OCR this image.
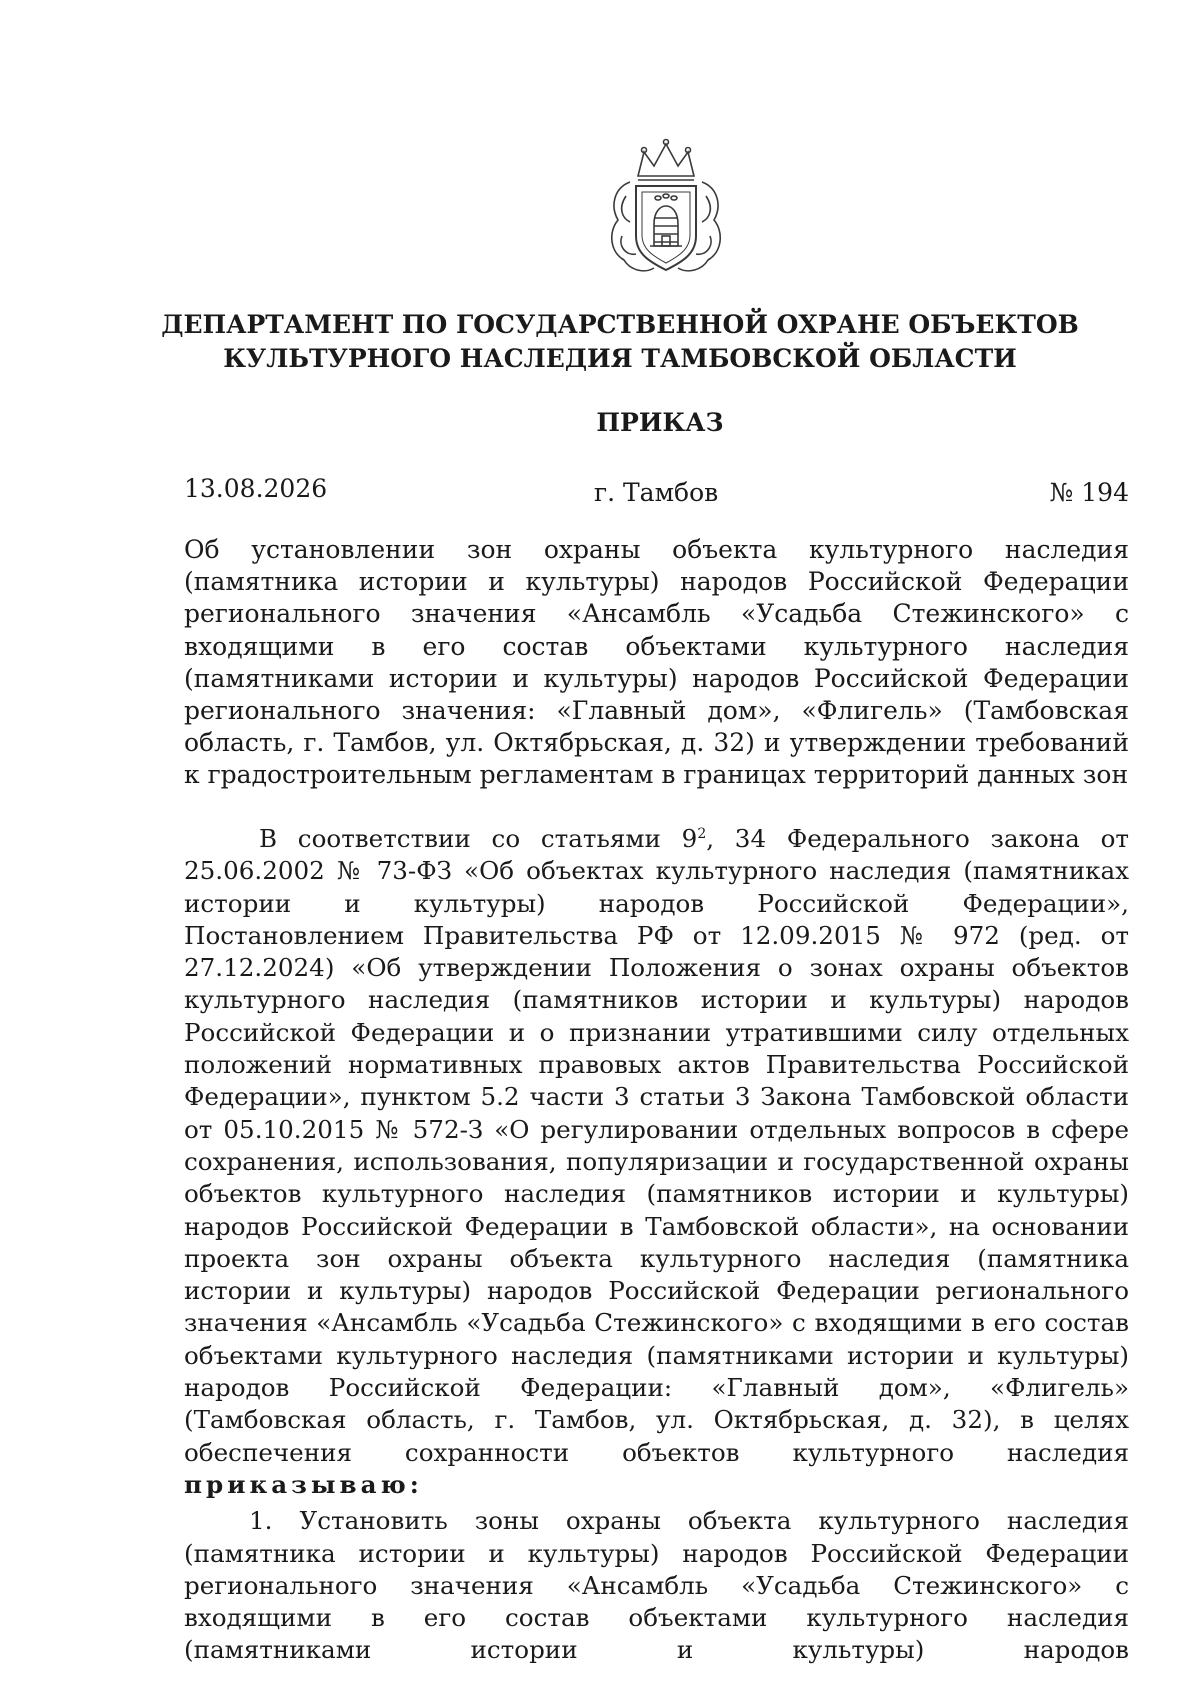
ДЕПАРТАМЕНТ ПО ГОСУДАРСТВЕННОЙ ОХРАНЕ ОБЪЕКТОВ
КУЛЬТУРНОГО НАСЛЕДИЯ ТАМБОВСКОЙ ОБЛАСТИ
ПРИКАЗ
13.08.2026	г. Тамбов	№ 194
Об установлении зон охраны объекта культурного наследия (памятника истории и культуры) народов Российской Федерации регионального значения «Ансамбль «Усадьба Стежинского» с входящими в его состав объектами культурного наследия (памятниками истории и культуры) народов Российской Федерации регионального значения: «Главный дом», «Флигель» (Тамбовская область, г. Тамбов, ул. Октябрьская, д. 32) и утверждении требований к градостроительным регламентам в границах территорий данных зон

В соответствии со статьями $9^2$, 34 Федерального закона от 25.06.2002 № 73-ФЗ «Об объектах культурного наследия (памятниках истории и культуры) народов Российской Федерации», Постановлением Правительства РФ от 12.09.2015 № 972 (ред. от 27.12.2024) «Об утверждении Положения о зонах охраны объектов культурного наследия (памятников истории и культуры) народов Российской Федерации и о признании утратившими силу отдельных положений нормативных правовых актов Правительства Российской Федерации», пунктом 5.2 части 3 статьи 3 Закона Тамбовской области от 05.10.2015 № 572-З «О регулировании отдельных вопросов в сфере сохранения, использования, популяризации и государственной охраны объектов культурного наследия (памятников истории и культуры) народов Российской Федерации в Тамбовской области», на основании проекта зон охраны объекта культурного наследия (памятника истории и культуры) народов Российской Федерации регионального значения «Ансамбль «Усадьба Стежинского» с входящими в его состав объектами культурного наследия (памятниками истории и культуры) народов Российской Федерации: «Главный дом», «Флигель» (Тамбовская область, г. Тамбов, ул. Октябрьская, д. 32), в целях обеспечения сохранности объектов культурного наследия приказываю:

1. Установить зоны охраны объекта культурного наследия (памятника истории и культуры) народов Российской Федерации регионального значения «Ансамбль «Усадьба Стежинского» с входящими в его состав объектами культурного наследия (памятниками истории и культуры) народов
